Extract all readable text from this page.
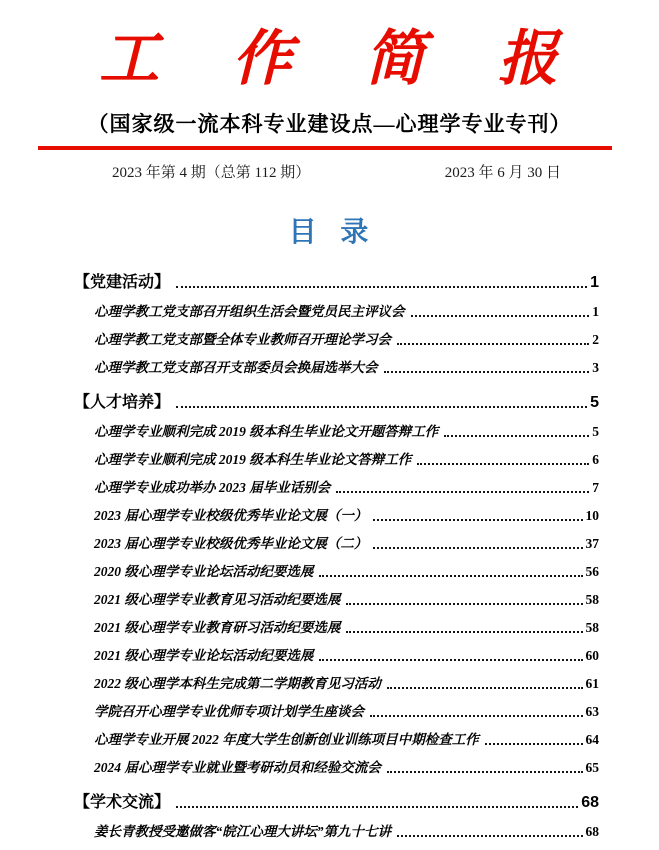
工 作 简 报
（国家级一流本科专业建设点—心理学专业专刊）
2023 年第 4 期（总第 112 期）	2023 年 6 月 30 日
目 录
【党建活动】	1
心理学教工党支部召开组织生活会暨党员民主评议会	1
心理学教工党支部暨全体专业教师召开理论学习会	2
心理学教工党支部召开支部委员会换届选举大会	3
【人才培养】	5
心理学专业顺利完成 2019 级本科生毕业论文开题答辩工作	5
心理学专业顺利完成 2019 级本科生毕业论文答辩工作	6
心理学专业成功举办 2023 届毕业话别会	7
2023 届心理学专业校级优秀毕业论文展（一）	10
2023 届心理学专业校级优秀毕业论文展（二）	37
2020 级心理学专业论坛活动纪要选展	56
2021 级心理学专业教育见习活动纪要选展	58
2021 级心理学专业教育研习活动纪要选展	58
2021 级心理学专业论坛活动纪要选展	60
2022 级心理学本科生完成第二学期教育见习活动	61
学院召开心理学专业优师专项计划学生座谈会	63
心理学专业开展 2022 年度大学生创新创业训练项目中期检查工作	64
2024 届心理学专业就业暨考研动员和经验交流会	65
【学术交流】	68
姜长青教授受邀做客“皖江心理大讲坛”第九十七讲	68
